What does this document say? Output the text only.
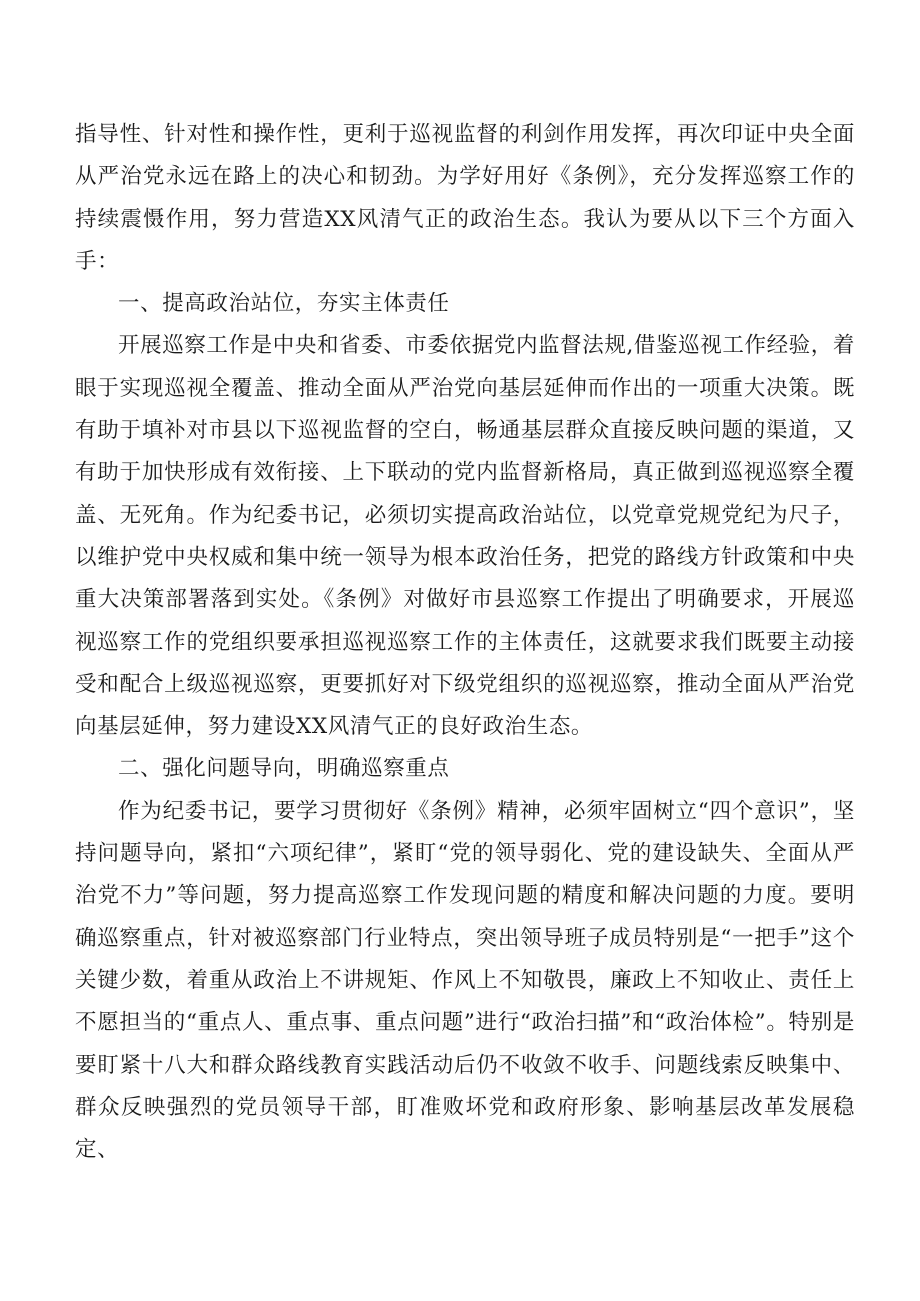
指导性、针对性和操作性，更利于巡视监督的利剑作用发挥，再次印证中央全面从严治党永远在路上的决心和韧劲。为学好用好《条例》，充分发挥巡察工作的持续震慑作用，努力营造XX风清气正的政治生态。我认为要从以下三个方面入手：

一、提高政治站位，夯实主体责任

开展巡察工作是中央和省委、市委依据党内监督法规,借鉴巡视工作经验，着眼于实现巡视全覆盖、推动全面从严治党向基层延伸而作出的一项重大决策。既有助于填补对市县以下巡视监督的空白，畅通基层群众直接反映问题的渠道，又有助于加快形成有效衔接、上下联动的党内监督新格局，真正做到巡视巡察全覆盖、无死角。作为纪委书记，必须切实提高政治站位，以党章党规党纪为尺子，以维护党中央权威和集中统一领导为根本政治任务，把党的路线方针政策和中央重大决策部署落到实处。《条例》对做好市县巡察工作提出了明确要求，开展巡视巡察工作的党组织要承担巡视巡察工作的主体责任，这就要求我们既要主动接受和配合上级巡视巡察，更要抓好对下级党组织的巡视巡察，推动全面从严治党向基层延伸，努力建设XX风清气正的良好政治生态。

二、强化问题导向，明确巡察重点

作为纪委书记，要学习贯彻好《条例》精神，必须牢固树立“四个意识”，坚持问题导向，紧扣“六项纪律”，紧盯“党的领导弱化、党的建设缺失、全面从严治党不力”等问题，努力提高巡察工作发现问题的精度和解决问题的力度。要明确巡察重点，针对被巡察部门行业特点，突出领导班子成员特别是“一把手”这个关键少数，着重从政治上不讲规矩、作风上不知敬畏，廉政上不知收止、责任上不愿担当的“重点人、重点事、重点问题”进行“政治扫描”和“政治体检”。特别是要盯紧十八大和群众路线教育实践活动后仍不收敛不收手、问题线索反映集中、群众反映强烈的党员领导干部，盯准败坏党和政府形象、影响基层改革发展稳定、
